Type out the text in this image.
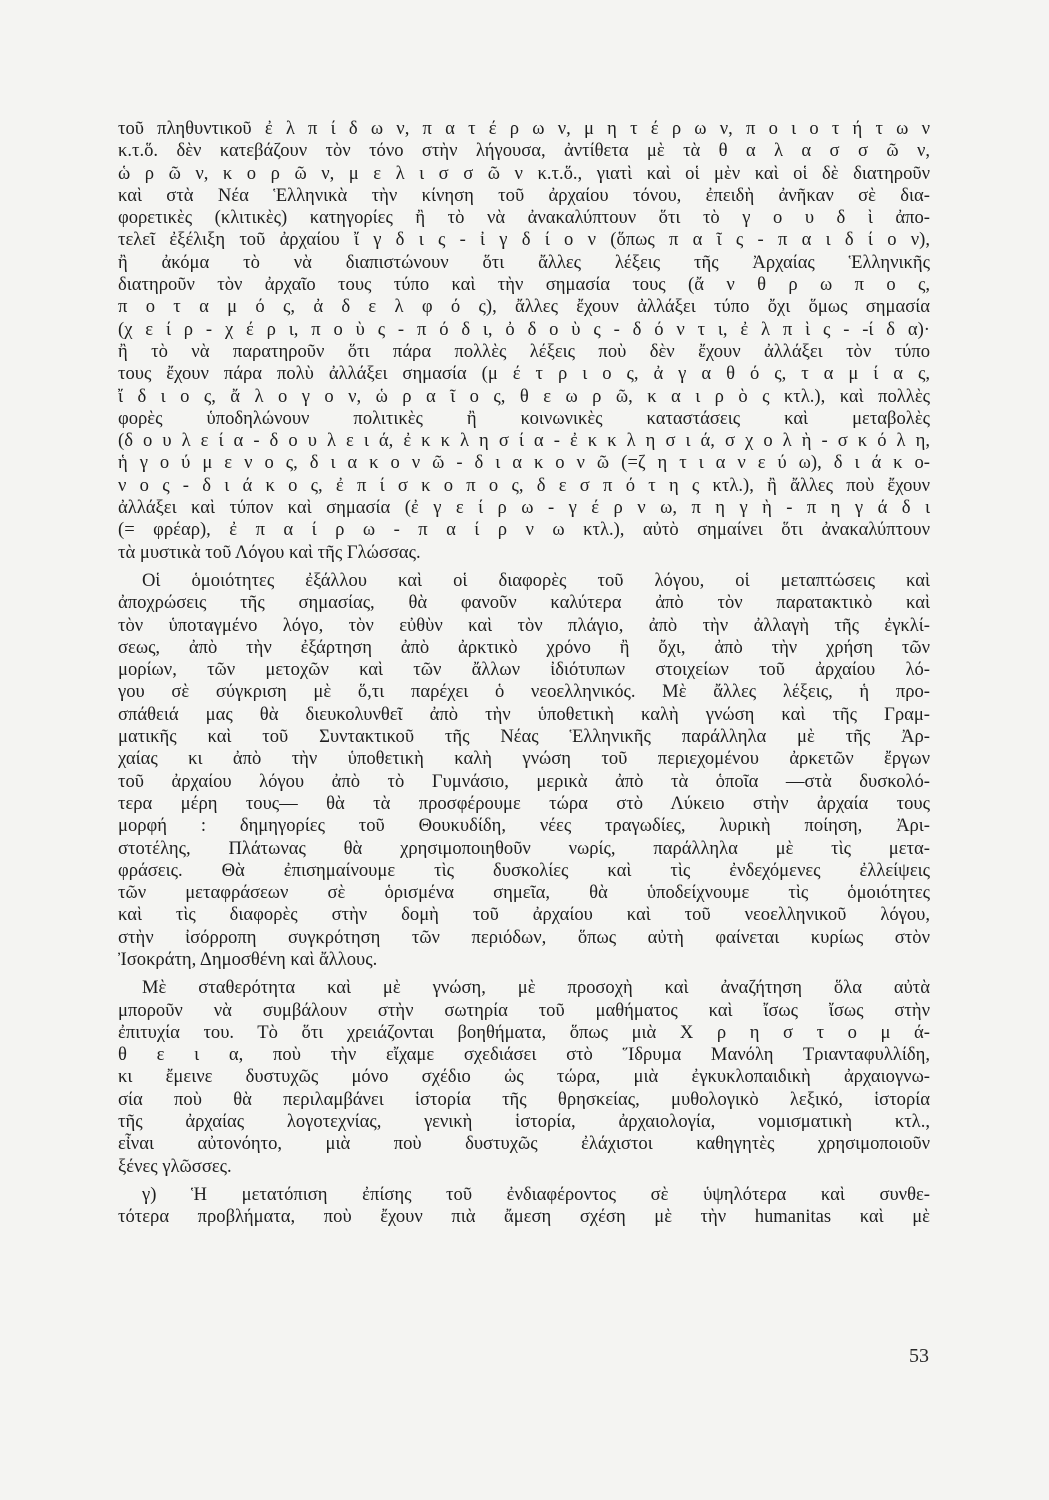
τοῦ πληθυντικοῦ ἐ λ π ί δ ω ν, π α τ έ ρ ω ν, μ η τ έ ρ ω ν, π ο ι ο τ ή τ ω ν
κ.τ.ὅ. δὲν κατεβάζουν τὸν τόνο στὴν λήγουσα, ἀντίθετα μὲ τὰ θ α λ α σ σ ῶ ν,
ὡ ρ ῶ ν, κ ο ρ ῶ ν, μ ε λ ι σ σ ῶ ν κ.τ.ὅ., γιατὶ καὶ οἱ μὲν καὶ οἱ δὲ διατηροῦν
καὶ στὰ Νέα Ἑλληνικὰ τὴν κίνηση τοῦ ἀρχαίου τόνου, ἐπειδὴ ἀνῆκαν σὲ δια-
φορετικὲς (κλιτικὲς) κατηγορίες ἢ τὸ νὰ ἀνακαλύπτουν ὅτι τὸ γ ο υ δ ὶ ἀπο-
τελεῖ ἐξέλιξη τοῦ ἀρχαίου ἴ γ δ ι ς - ἰ γ δ ί ο ν (ὅπως π α ῖ ς - π α ι δ ί ο ν),
ἢ ἀκόμα τὸ νὰ διαπιστώνουν ὅτι ἄλλες λέξεις τῆς Ἀρχαίας Ἑλληνικῆς
διατηροῦν τὸν ἀρχαῖο τους τύπο καὶ τὴν σημασία τους (ἄ ν θ ρ ω π ο ς,
π ο τ α μ ό ς, ἀ δ ε λ φ ό ς), ἄλλες ἔχουν ἀλλάξει τύπο ὄχι ὅμως σημασία
(χ ε ί ρ - χ έ ρ ι, π ο ὺ ς - π ό δ ι, ὀ δ ο ὺ ς - δ ό ν τ ι, ἐ λ π ὶ ς - -ί δ α)·
ἢ τὸ νὰ παρατηροῦν ὅτι πάρα πολλὲς λέξεις ποὺ δὲν ἔχουν ἀλλάξει τὸν τύπο
τους ἔχουν πάρα πολὺ ἀλλάξει σημασία (μ έ τ ρ ι ο ς, ἀ γ α θ ό ς, τ α μ ί α ς,
ἴ δ ι ο ς, ἄ λ ο γ ο ν, ὡ ρ α ῖ ο ς, θ ε ω ρ ῶ, κ α ι ρ ὸ ς κτλ.), καὶ πολλὲς
φορὲς ὑποδηλώνουν πολιτικὲς ἢ κοινωνικὲς καταστάσεις καὶ μεταβολὲς
(δ ο υ λ ε ί α - δ ο υ λ ε ι ά, ἐ κ κ λ η σ ί α - ἐ κ κ λ η σ ι ά, σ χ ο λ ὴ - σ κ ό λ η,
ἡ γ ο ύ μ ε ν ο ς, δ ι α κ ο ν ῶ - δ ι α κ ο ν ῶ (=ζ η τ ι α ν ε ύ ω), δ ι ά κ ο-
ν ο ς - δ ι ά κ ο ς, ἐ π ί σ κ ο π ο ς, δ ε σ π ό τ η ς κτλ.), ἢ ἄλλες ποὺ ἔχουν
ἀλλάξει καὶ τύπον καὶ σημασία (ἐ γ ε ί ρ ω - γ έ ρ ν ω, π η γ ὴ - π η γ ά δ ι
(= φρέαρ), ἐ π α ί ρ ω - π α ί ρ ν ω κτλ.), αὐτὸ σημαίνει ὅτι ἀνακαλύπτουν
τὰ μυστικὰ τοῦ Λόγου καὶ τῆς Γλώσσας.
Οἱ ὁμοιότητες ἐξάλλου καὶ οἱ διαφορὲς τοῦ λόγου, οἱ μεταπτώσεις καὶ
ἀποχρώσεις τῆς σημασίας, θὰ φανοῦν καλύτερα ἀπὸ τὸν παρατακτικὸ καὶ
τὸν ὑποταγμένο λόγο, τὸν εὐθὺν καὶ τὸν πλάγιο, ἀπὸ τὴν ἀλλαγὴ τῆς ἐγκλί-
σεως, ἀπὸ τὴν ἐξάρτηση ἀπὸ ἀρκτικὸ χρόνο ἢ ὄχι, ἀπὸ τὴν χρήση τῶν
μορίων, τῶν μετοχῶν καὶ τῶν ἄλλων ἰδιότυπων στοιχείων τοῦ ἀρχαίου λό-
γου σὲ σύγκριση μὲ ὅ,τι παρέχει ὁ νεοελληνικός. Μὲ ἄλλες λέξεις, ἡ προ-
σπάθειά μας θὰ διευκολυνθεῖ ἀπὸ τὴν ὑποθετικὴ καλὴ γνώση καὶ τῆς Γραμ-
ματικῆς καὶ τοῦ Συντακτικοῦ τῆς Νέας Ἑλληνικῆς παράλληλα μὲ τῆς Ἀρ-
χαίας κι ἀπὸ τὴν ὑποθετικὴ καλὴ γνώση τοῦ περιεχομένου ἀρκετῶν ἔργων
τοῦ ἀρχαίου λόγου ἀπὸ τὸ Γυμνάσιο, μερικὰ ἀπὸ τὰ ὁποῖα —στὰ δυσκολό-
τερα μέρη τους— θὰ τὰ προσφέρουμε τώρα στὸ Λύκειο στὴν ἀρχαία τους
μορφή : δημηγορίες τοῦ Θουκυδίδη, νέες τραγωδίες, λυρικὴ ποίηση, Ἀρι-
στοτέλης, Πλάτωνας θὰ χρησιμοποιηθοῦν νωρίς, παράλληλα μὲ τὶς μετα-
φράσεις. Θὰ ἐπισημαίνουμε τὶς δυσκολίες καὶ τὶς ἐνδεχόμενες ἐλλείψεις
τῶν μεταφράσεων σὲ ὁρισμένα σημεῖα, θὰ ὑποδείχνουμε τὶς ὁμοιότητες
καὶ τὶς διαφορὲς στὴν δομὴ τοῦ ἀρχαίου καὶ τοῦ νεοελληνικοῦ λόγου,
στὴν ἰσόρροπη συγκρότηση τῶν περιόδων, ὅπως αὐτὴ φαίνεται κυρίως στὸν
Ἰσοκράτη, Δημοσθένη καὶ ἄλλους.
Μὲ σταθερότητα καὶ μὲ γνώση, μὲ προσοχὴ καὶ ἀναζήτηση ὅλα αὐτὰ
μποροῦν νὰ συμβάλουν στὴν σωτηρία τοῦ μαθήματος καὶ ἴσως ἴσως στὴν
ἐπιτυχία του. Τὸ ὅτι χρειάζονται βοηθήματα, ὅπως μιὰ Χ ρ η σ τ ο μ ά-
θ ε ι α, ποὺ τὴν εἴχαμε σχεδιάσει στὸ Ἵδρυμα Μανόλη Τριανταφυλλίδη,
κι ἔμεινε δυστυχῶς μόνο σχέδιο ὡς τώρα, μιὰ ἐγκυκλοπαιδικὴ ἀρχαιογνω-
σία ποὺ θὰ περιλαμβάνει ἱστορία τῆς θρησκείας, μυθολογικὸ λεξικό, ἱστορία
τῆς ἀρχαίας λογοτεχνίας, γενικὴ ἱστορία, ἀρχαιολογία, νομισματικὴ κτλ.,
εἶναι αὐτονόητο, μιὰ ποὺ δυστυχῶς ἐλάχιστοι καθηγητὲς χρησιμοποιοῦν
ξένες γλῶσσες.
γ) Ἡ μετατόπιση ἐπίσης τοῦ ἐνδιαφέροντος σὲ ὑψηλότερα καὶ συνθε-
τότερα προβλήματα, ποὺ ἔχουν πιὰ ἄμεση σχέση μὲ τὴν humanitas καὶ μὲ
53
